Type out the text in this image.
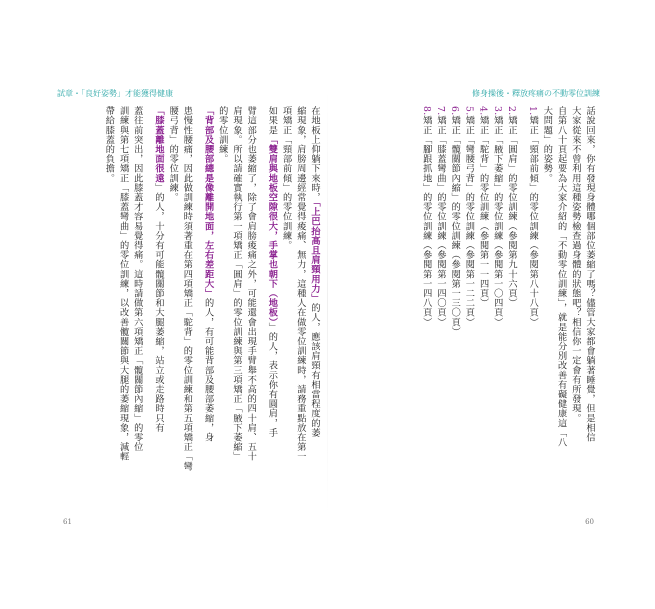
試章・「良好姿勢」才能獲得健康
在地板上仰躺下來時，「上巴抬高且肩頸用力」的人，應該肩頸有相當程度的萎
縮現象，肩膀周邊經常覺得痠痛、無力，這種人在做零位訓練時，請務重點放在第一
項矯正「頸部前傾」的零位訓練。
如果是「雙肩與地板空隙很大，手掌也朝下（地板）」的人，表示你有圓肩，手
臂這部分也萎縮了，除了會肩膀痠痛之外，可能還會出現手臂舉不高的四十肩、五十
肩現象。所以請確實執行第一項矯正「圓肩」的零位訓練與第三項矯正「腋下萎縮」
的零位訓練。
「背部及腰部總是像離開地面，左右差距大」的人，有可能背部及腰部萎縮，身
患慢性腰痛，因此做訓練時須著重在第四項矯正「駝背」的零位訓練和第五項矯正「彎
腰弓背」的零位訓練。
「膝蓋離地面很遠」的人，十分有可能髖關節和大腿萎縮，站立或走路時只有
蓋往前突出，因此膝蓋才容易覺得痛。這時請做第六項矯正「髖關節內縮」的零位
訓練與第七項矯正「膝蓋彎曲」的零位訓練，以改善髖關節與大腿的萎縮現象，減輕
帶給膝蓋的負擔。
61
修身操後・釋放疼痛の不動零位訓練
話說回來，你有發現身體哪個部位萎縮了嗎？儘管大家都會躺著睡覺，但是相信
大家從來不曾利用這種姿勢檢查過身體的狀態吧？相信你一定會有所發現。
自第八十頁起要為大家介紹的「不動零位訓練」，就是能分別改善有礙健康這「八
大問題」的姿勢。
1.矯正「頸部前傾」的零位訓練（參閱第八十八頁）
2.矯正「圓肩」的零位訓練（參閱第九十六頁）
3.矯正「腋下萎縮」的零位訓練（參閱第一〇四頁）
4.矯正「駝背」的零位訓練（參閱第一一四頁）
5.矯正「彎腰弓背」的零位訓練（參閱第一二二頁）
6.矯正「髖關節內縮」的零位訓練（參閱第一三〇頁）
7.矯正「膝蓋彎曲」的零位訓練（參閱第一四〇頁）
8.矯正「腳跟抓地」的零位訓練（參閱第一四八頁）
60
